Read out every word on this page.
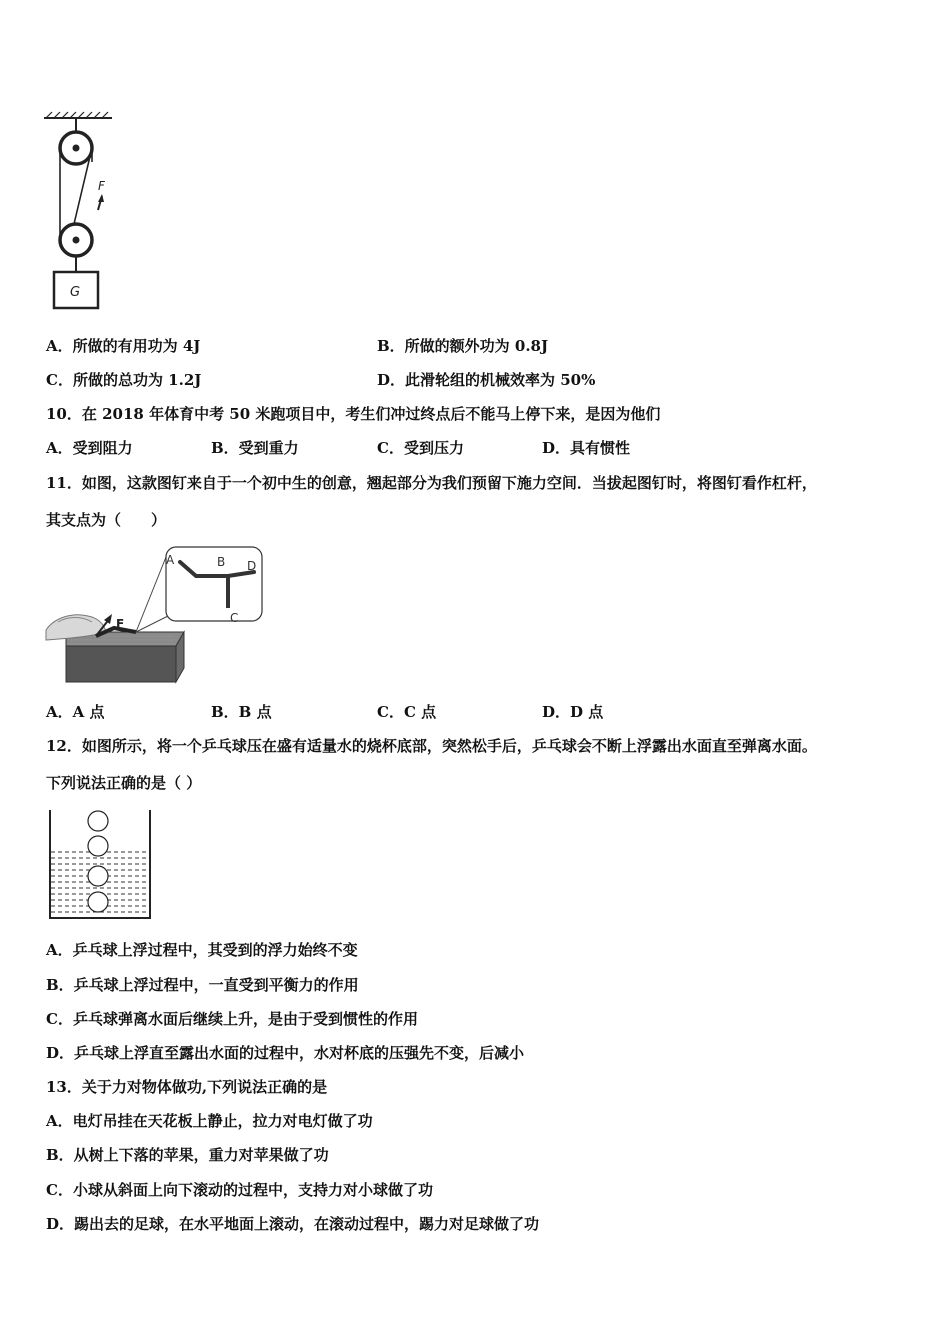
F
G
A．所做的有用功为 4J	B．所做的额外功为 0.8J
C．所做的总功为 1.2J	D．此滑轮组的机械效率为 50%
10．在 2018 年体育中考 50 米跑项目中，考生们冲过终点后不能马上停下来，是因为他们
A．受到阻力	B．受到重力	C．受到压力	D．具有惯性
11．如图，这款图钉来自于一个初中生的创意，翘起部分为我们预留下施力空间．当拔起图钉时，将图钉看作杠杆，
其支点为（　　）
F
A	B
C
D
A．A 点	B．B 点	C．C 点	D．D 点
12．如图所示，将一个乒乓球压在盛有适量水的烧杯底部，突然松手后，乒乓球会不断上浮露出水面直至弹离水面。
下列说法正确的是（ ）
A．乒乓球上浮过程中，其受到的浮力始终不变
B．乒乓球上浮过程中，一直受到平衡力的作用
C．乒乓球弹离水面后继续上升，是由于受到惯性的作用
D．乒乓球上浮直至露出水面的过程中，水对杯底的压强先不变，后减小
13．关于力对物体做功,下列说法正确的是
A．电灯吊挂在天花板上静止，拉力对电灯做了功
B．从树上下落的苹果，重力对苹果做了功
C．小球从斜面上向下滚动的过程中，支持力对小球做了功
D．踢出去的足球，在水平地面上滚动，在滚动过程中，踢力对足球做了功
